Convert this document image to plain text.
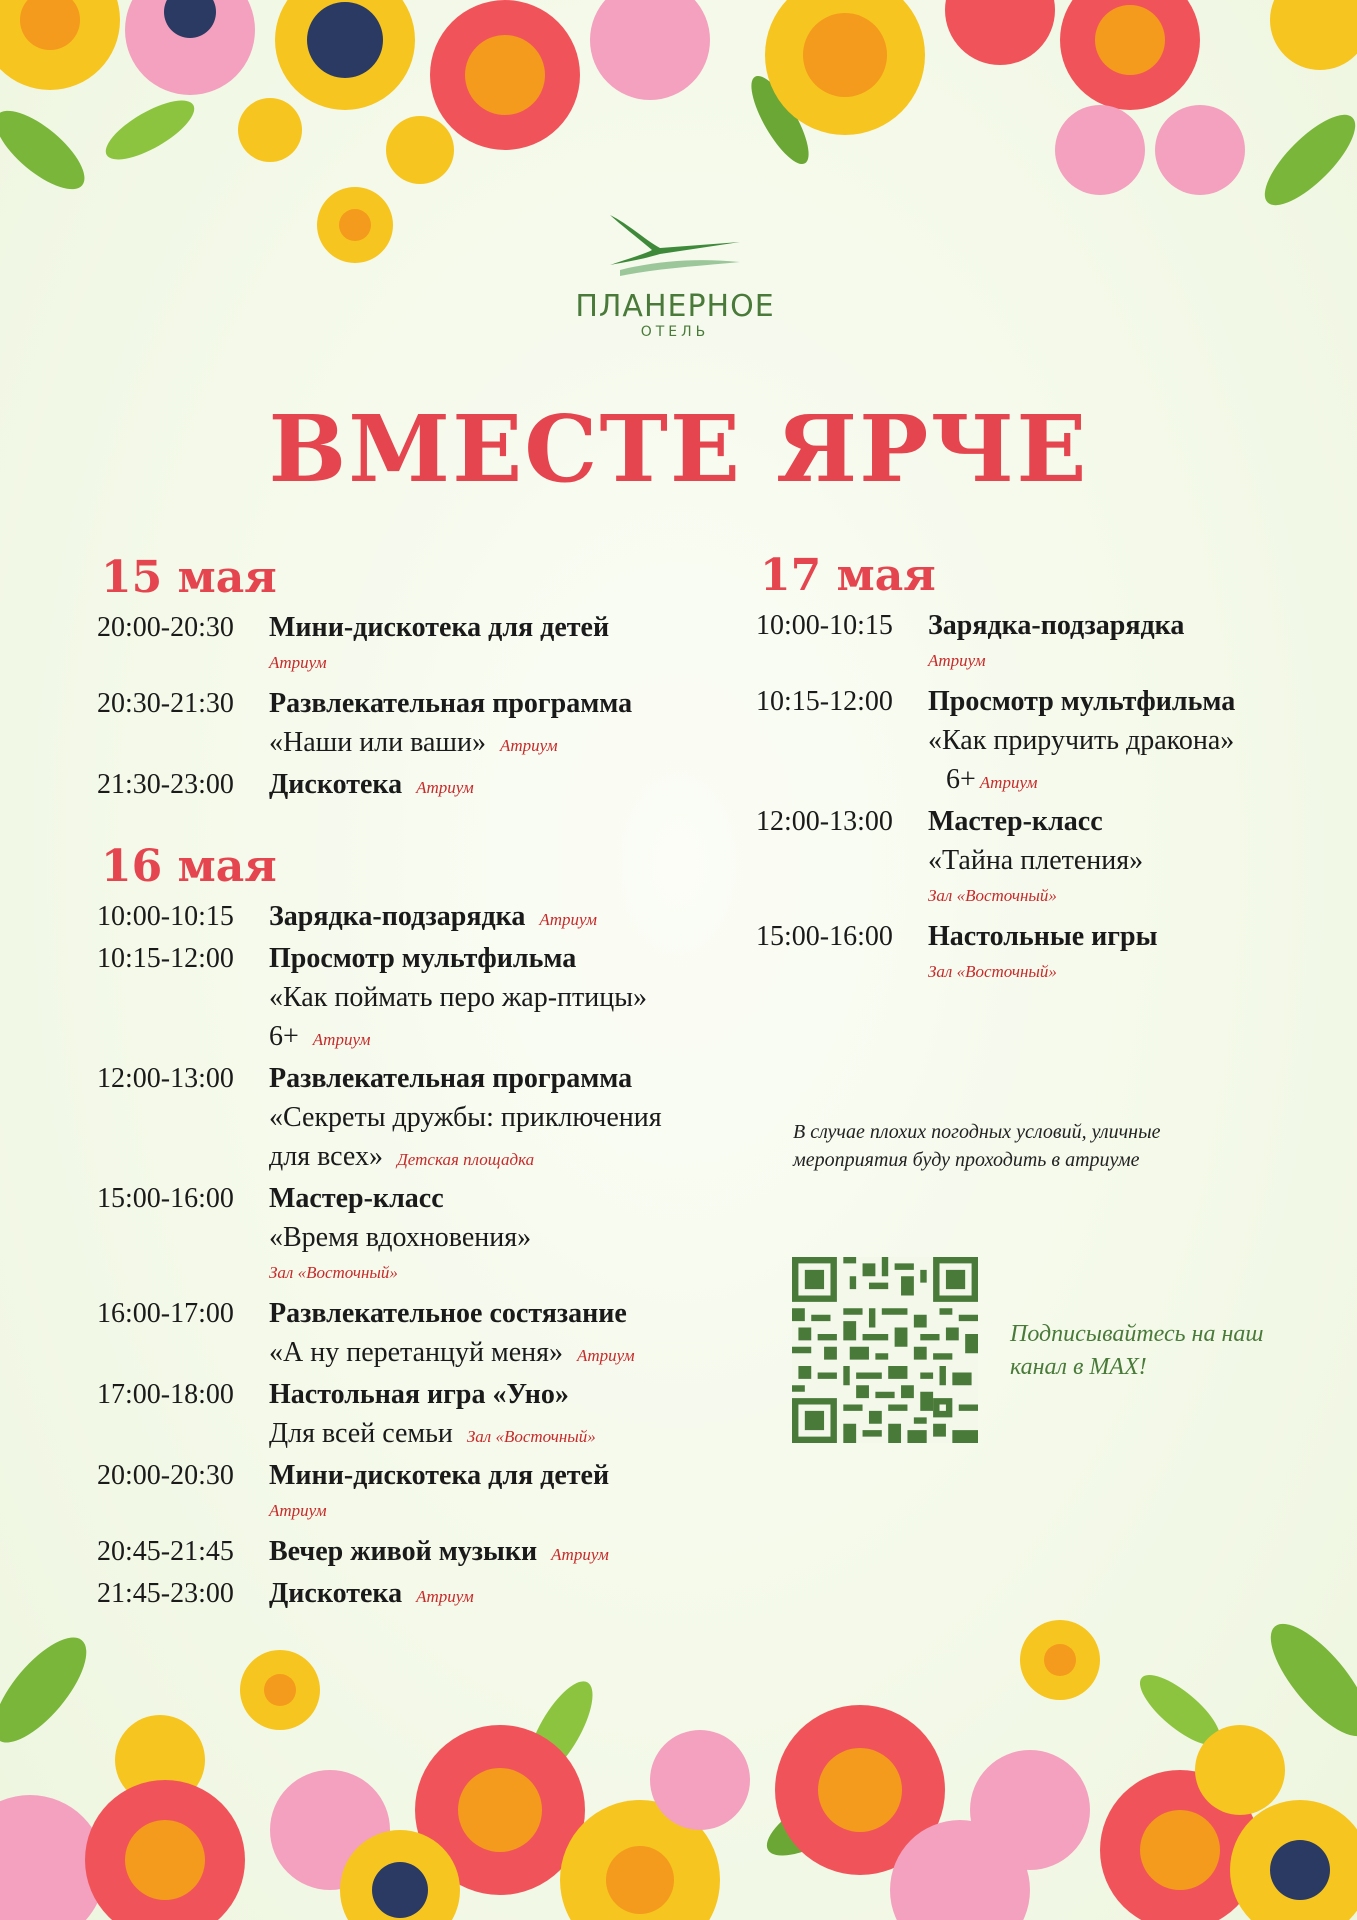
ПЛАНЕРНОЕ
ОТЕЛЬ
ВМЕСТЕ ЯРЧЕ
15 мая
20:00-20:30	Мини-дискотека для детей
Атриум
20:30-21:30	Развлекательная программа
«Наши или ваши» Атриум
21:30-23:00	Дискотека Атриум
16 мая
10:00-10:15	Зарядка-подзарядка Атриум
10:15-12:00	Просмотр мультфильма
«Как поймать перо жар-птицы»
6+ Атриум
12:00-13:00	Развлекательная программа
«Секреты дружбы: приключения
для всех» Детская площадка
15:00-16:00	Мастер-класс
«Время вдохновения»
Зал «Восточный»
16:00-17:00	Развлекательное состязание
«А ну перетанцуй меня» Атриум
17:00-18:00	Настольная игра «Уно»
Для всей семьи Зал «Восточный»
20:00-20:30	Мини-дискотека для детей
Атриум
20:45-21:45	Вечер живой музыки Атриум
21:45-23:00	Дискотека Атриум
17 мая
10:00-10:15	Зарядка-подзарядка
Атриум
10:15-12:00	Просмотр мультфильма
«Как приручить дракона»
6+ Атриум
12:00-13:00	Мастер-класс
«Тайна плетения»
Зал «Восточный»
15:00-16:00	Настольные игры
Зал «Восточный»
В случае плохих погодных условий, уличные мероприятия буду проходить в атриуме
Подписывайтесь на наш канал в MAX!
